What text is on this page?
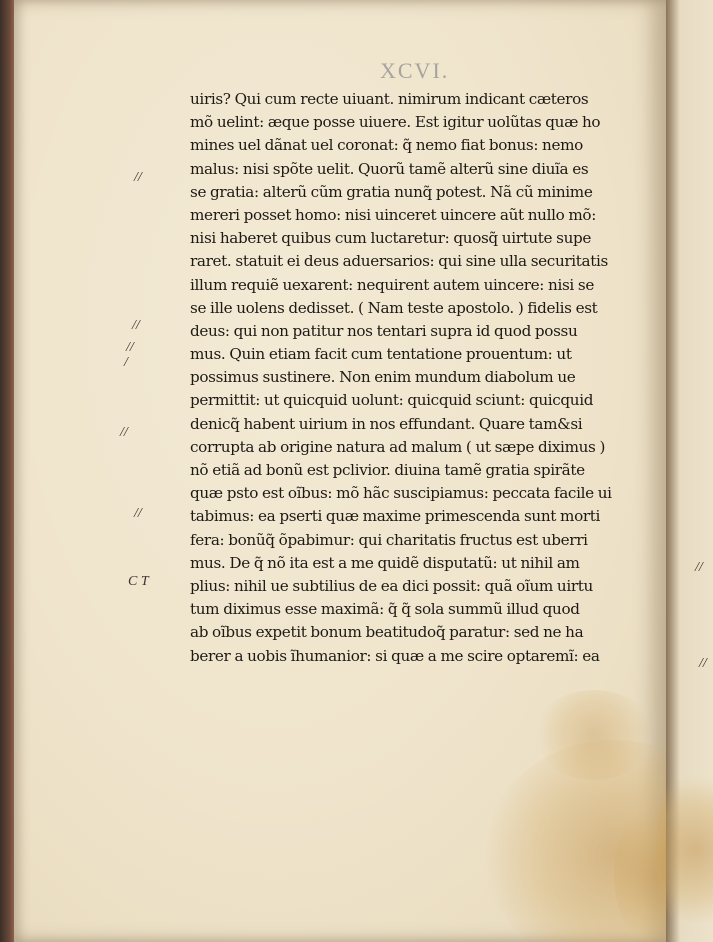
XCVI.
uiris? Qui cum recte uiuant. nimirum indicant cæteros
mõ uelint: æque posse uiuere. Est igitur uolũtas quæ ho
mines uel dãnat uel coronat: q̃ nemo fiat bonus: nemo
malus: nisi spõte uelit. Quorũ tamẽ alterũ sine diuĩa es
se gratia: alterũ cũm gratia nunq̃ potest. Nã cũ minime
mereri posset homo: nisi uinceret uincere aũt nullo mõ:
nisi haberet quibus cum luctaretur: quosq̃ uirtute supe
raret. statuit ei deus aduersarios: qui sine ulla securitatis
illum requiẽ uexarent: nequirent autem uincere: nisi se
se ille uolens dedisset. ( Nam teste apostolo. ) fidelis est
deus: qui non patitur nos tentari supra id quod possu
mus. Quin etiam facit cum tentatione prouentum: ut
possimus sustinere. Non enim mundum diabolum ue
permittit: ut quicquid uolunt: quicquid sciunt: quicquid
denicq̃ habent uirium in nos effundant. Quare tam&si
corrupta ab origine natura ad malum ( ut sæpe diximus )
nõ etiã ad bonũ est pclivior. diuina tamẽ gratia spirãte
quæ psto est oĩbus: mõ hãc suscipiamus: peccata facile ui
tabimus: ea pserti quæ maxime primescenda sunt morti
fera: bonũq̃ õpabimur: qui charitatis fructus est uberri
mus. De q̃ nõ ita est a me quidẽ disputatũ: ut nihil am
plius: nihil ue subtilius de ea dici possit: quã oĩum uirtu
tum diximus esse maximã: q̃ q̃ sola summũ illud quod
ab oĩbus expetit bonum beatitudoq̃ paratur: sed ne ha
berer a uobis ĩhumanior: si quæ a me scire optaremĩ: ea
//
//
//
/
//
//
C T
//
//
